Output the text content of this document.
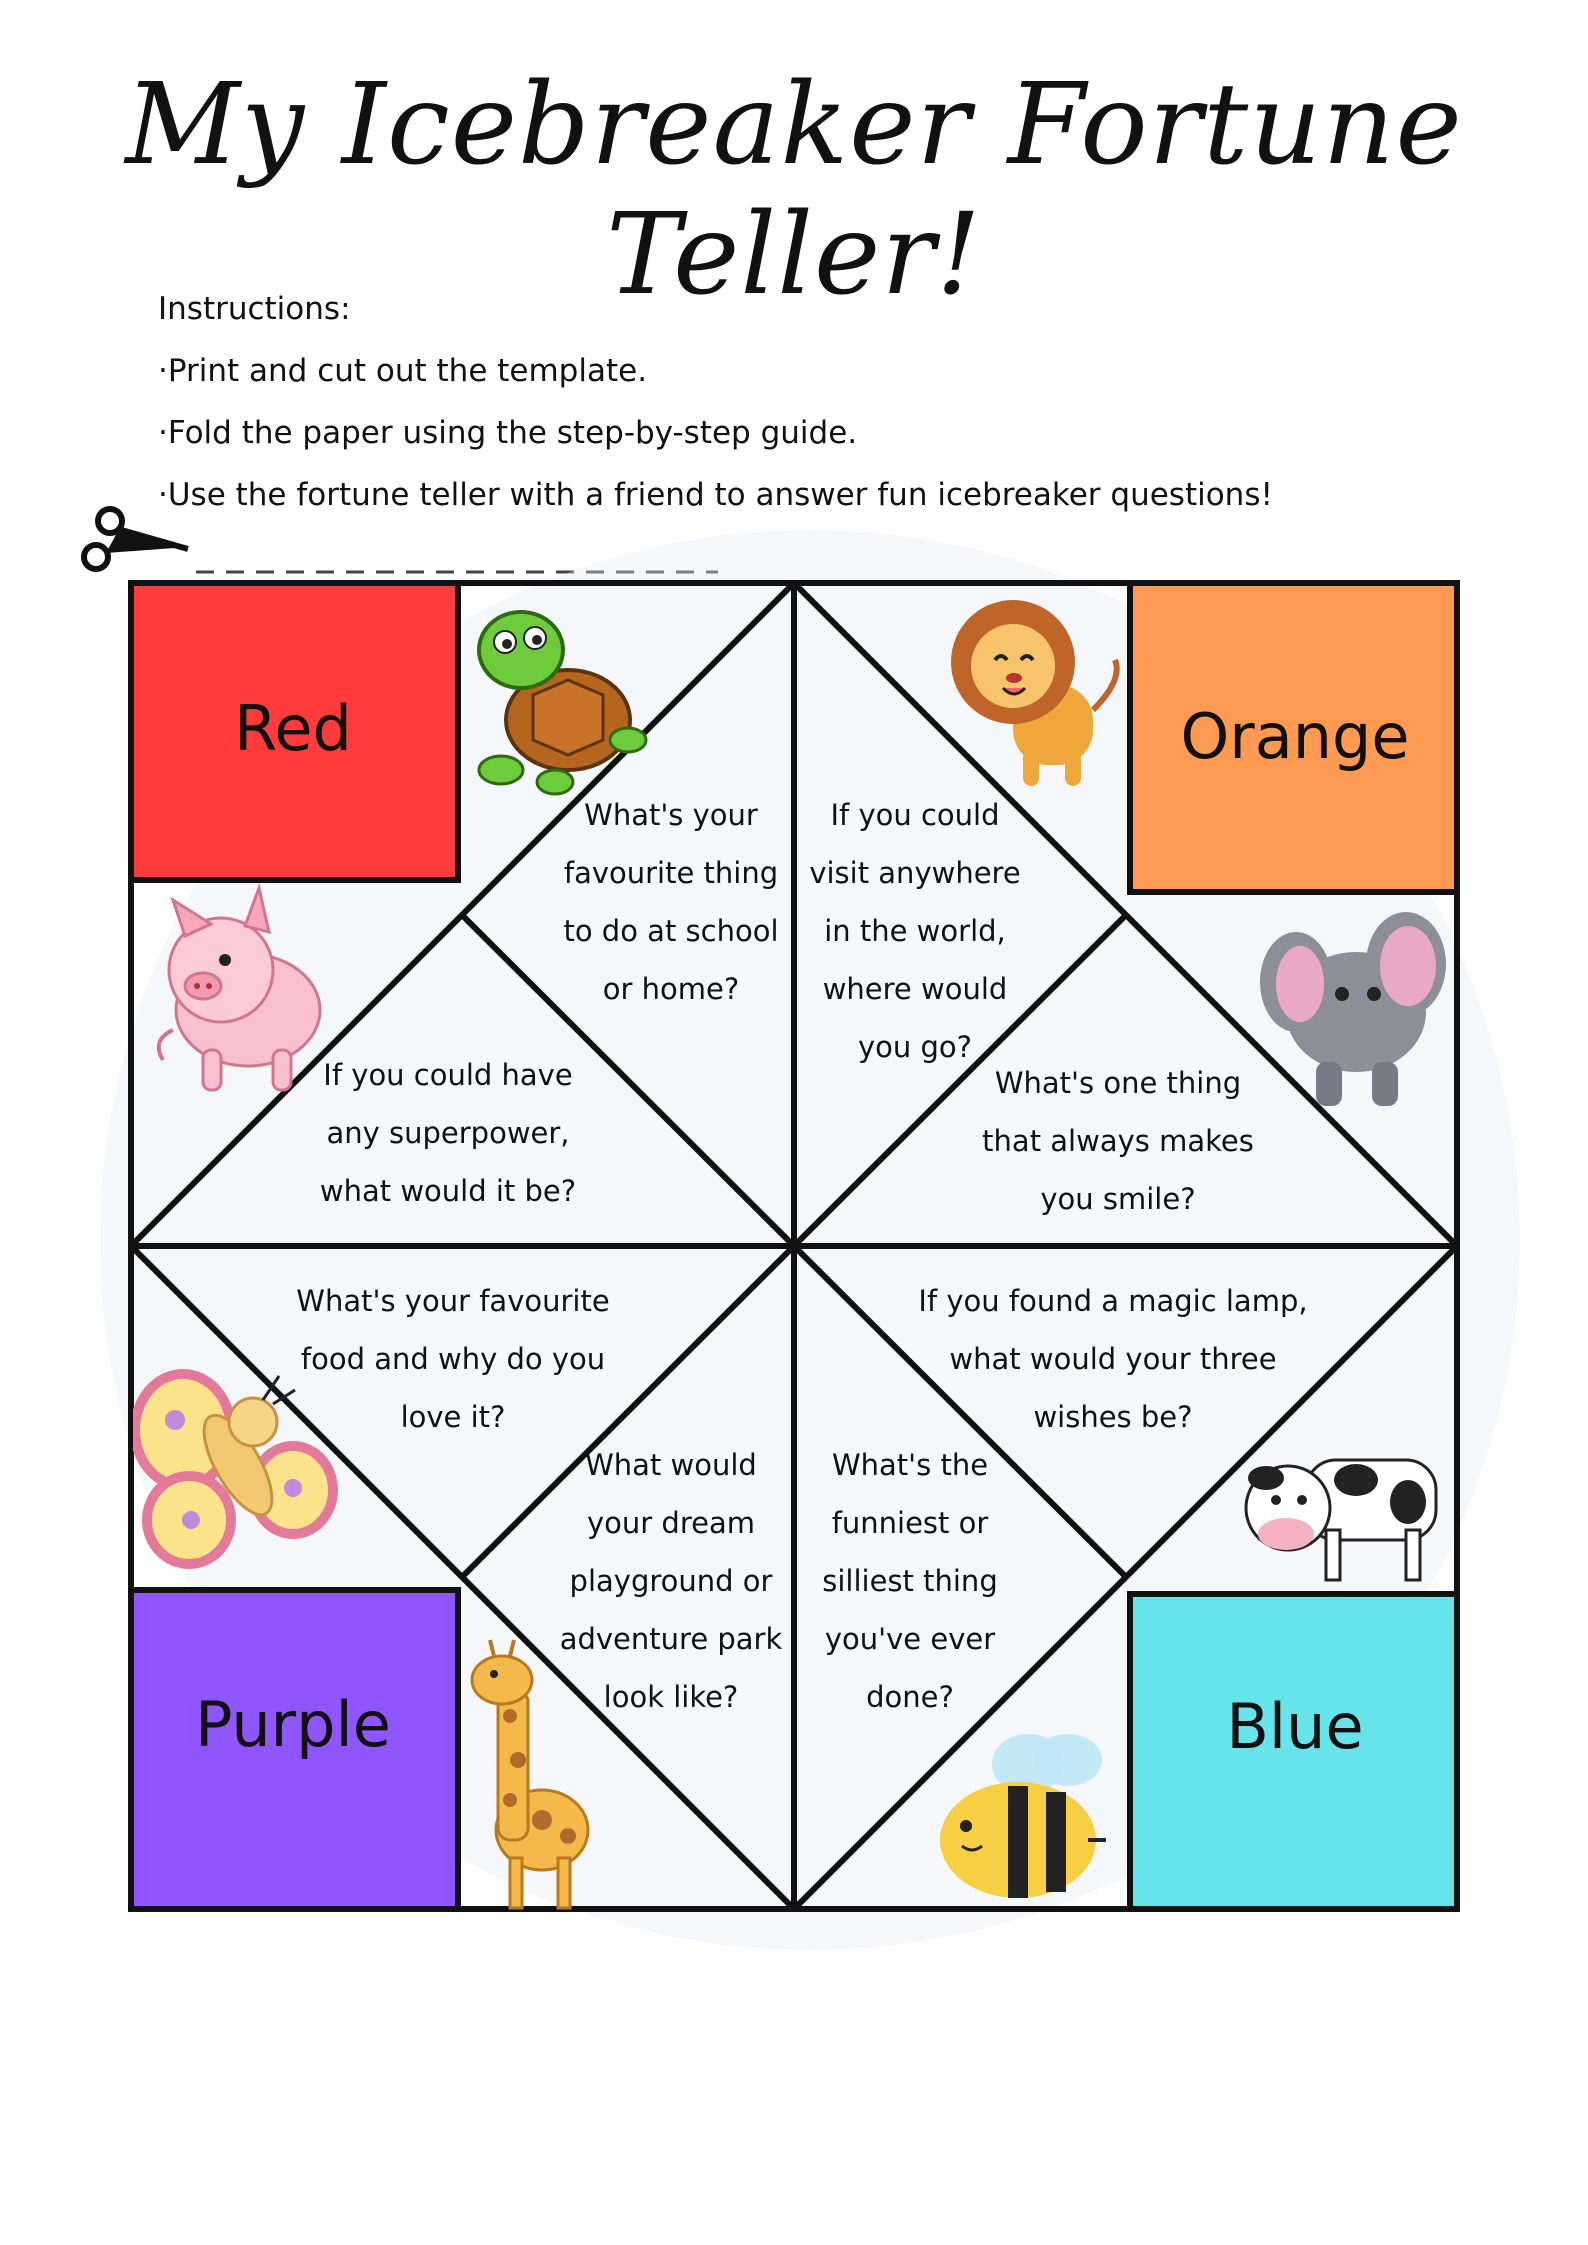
My Icebreaker Fortune Teller!
Instructions:
· Print and cut out the template.
· Fold the paper using the step-by-step guide.
· Use the fortune teller with a friend to answer fun icebreaker questions!
Red	Orange
Purple	Blue
What's your favourite thing to do at school or home?
If you could visit anywhere in the world, where would you go?
If you could have any superpower, what would it be?
What's one thing that always makes you smile?
What's your favourite food and why do you love it?
If you found a magic lamp, what would your three wishes be?
What would your dream playground or adventure park look like?
What's the funniest or silliest thing you've ever done?
